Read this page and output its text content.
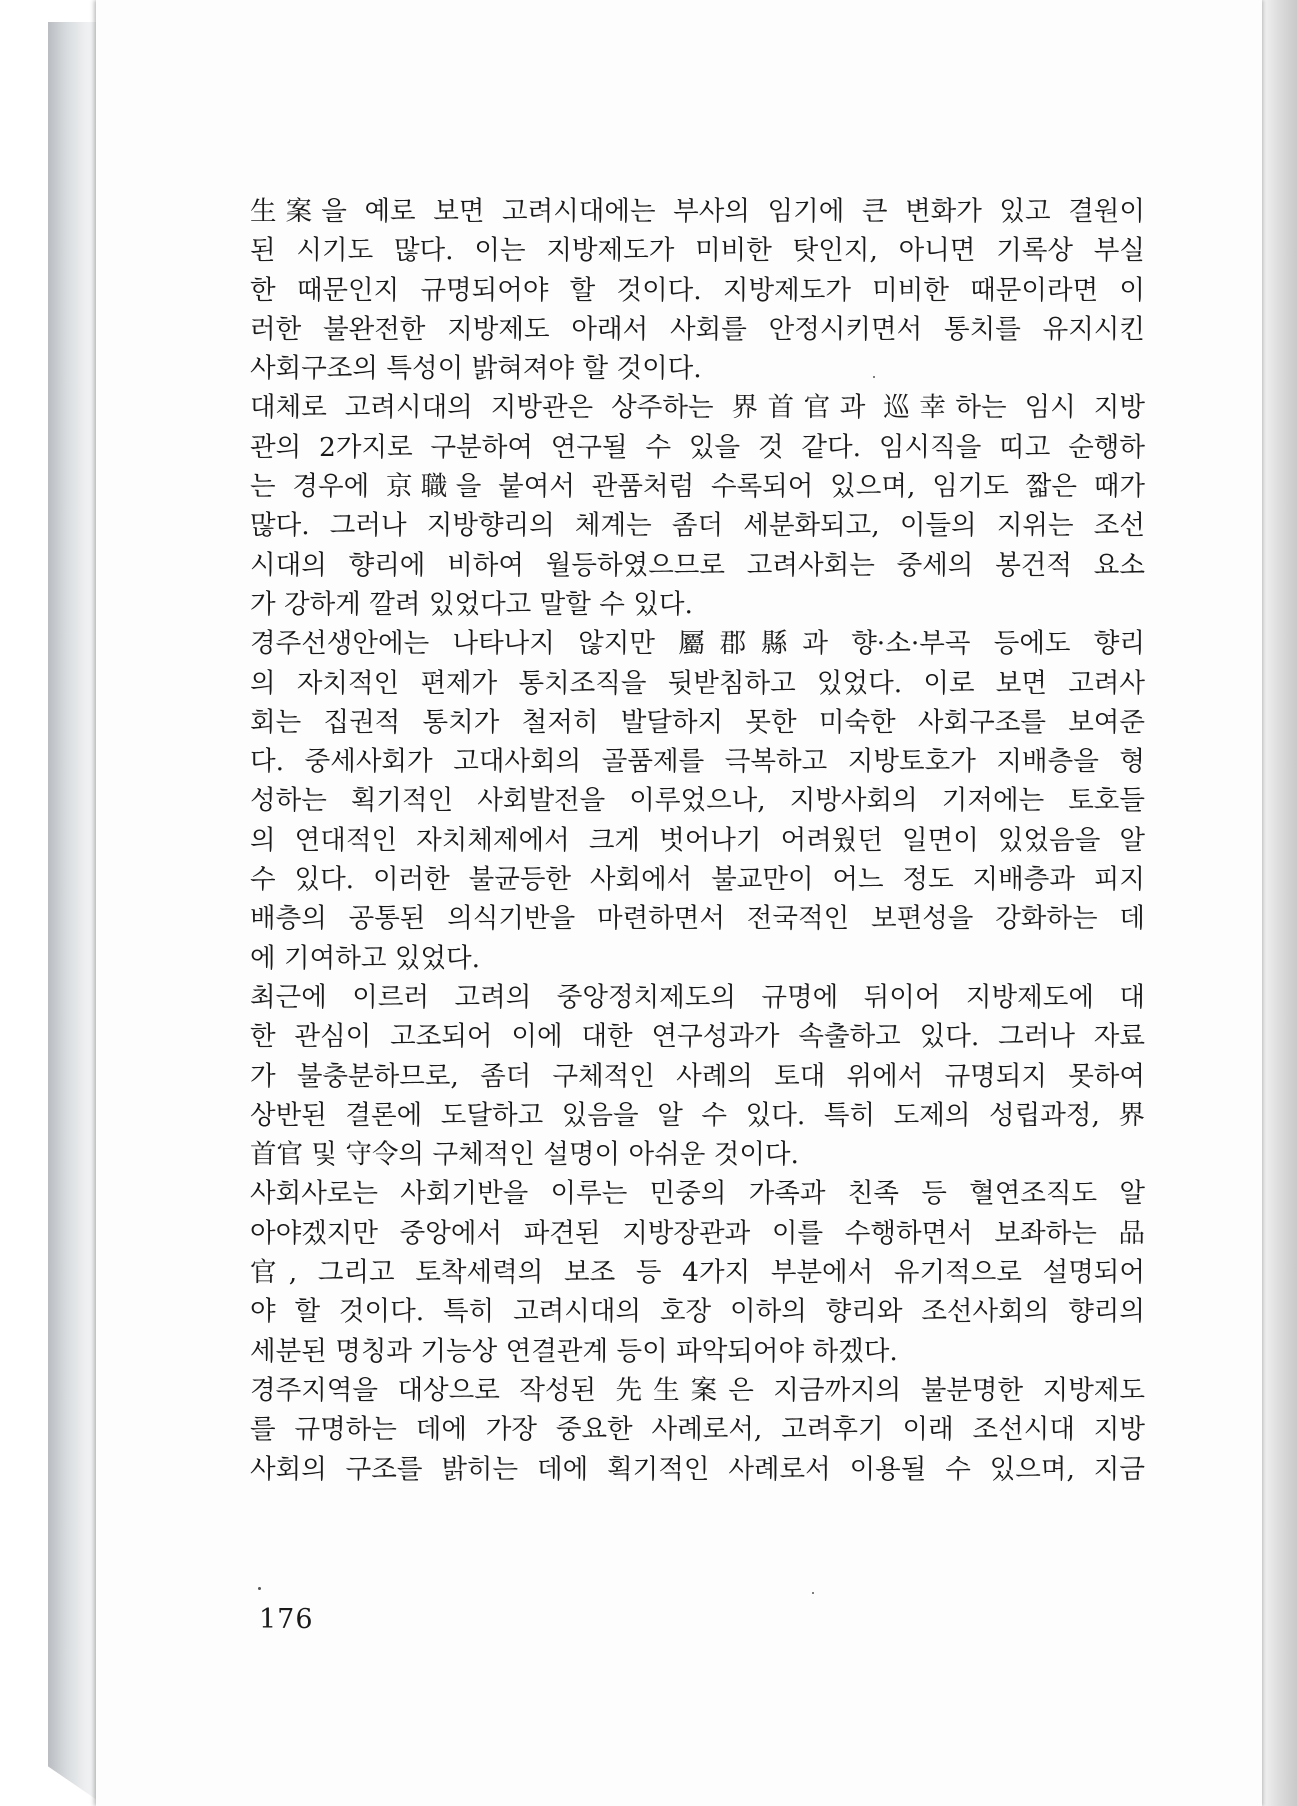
生案을 예로 보면 고려시대에는 부사의 임기에 큰 변화가 있고 결원이
된 시기도 많다. 이는 지방제도가 미비한 탓인지, 아니면 기록상 부실
한 때문인지 규명되어야 할 것이다. 지방제도가 미비한 때문이라면 이
러한 불완전한 지방제도 아래서 사회를 안정시키면서 통치를 유지시킨
사회구조의 특성이 밝혀져야 할 것이다.
대체로 고려시대의 지방관은 상주하는 界首官과 巡幸하는 임시 지방
관의 2가지로 구분하여 연구될 수 있을 것 같다. 임시직을 띠고 순행하
는 경우에 京職을 붙여서 관품처럼 수록되어 있으며, 임기도 짧은 때가
많다. 그러나 지방향리의 체계는 좀더 세분화되고, 이들의 지위는 조선
시대의 향리에 비하여 월등하였으므로 고려사회는 중세의 봉건적 요소
가 강하게 깔려 있었다고 말할 수 있다.
경주선생안에는 나타나지 않지만 屬郡縣과 향·소·부곡 등에도 향리
의 자치적인 편제가 통치조직을 뒷받침하고 있었다. 이로 보면 고려사
회는 집권적 통치가 철저히 발달하지 못한 미숙한 사회구조를 보여준
다. 중세사회가 고대사회의 골품제를 극복하고 지방토호가 지배층을 형
성하는 획기적인 사회발전을 이루었으나, 지방사회의 기저에는 토호들
의 연대적인 자치체제에서 크게 벗어나기 어려웠던 일면이 있었음을 알
수 있다. 이러한 불균등한 사회에서 불교만이 어느 정도 지배층과 피지
배층의 공통된 의식기반을 마련하면서 전국적인 보편성을 강화하는 데
에 기여하고 있었다.
최근에 이르러 고려의 중앙정치제도의 규명에 뒤이어 지방제도에 대
한 관심이 고조되어 이에 대한 연구성과가 속출하고 있다. 그러나 자료
가 불충분하므로, 좀더 구체적인 사례의 토대 위에서 규명되지 못하여
상반된 결론에 도달하고 있음을 알 수 있다. 특히 도제의 성립과정, 界
首官 및 守令의 구체적인 설명이 아쉬운 것이다.
사회사로는 사회기반을 이루는 민중의 가족과 친족 등 혈연조직도 알
아야겠지만 중앙에서 파견된 지방장관과 이를 수행하면서 보좌하는 品
官, 그리고 토착세력의 보조 등 4가지 부분에서 유기적으로 설명되어
야 할 것이다. 특히 고려시대의 호장 이하의 향리와 조선사회의 향리의
세분된 명칭과 기능상 연결관계 등이 파악되어야 하겠다.
경주지역을 대상으로 작성된 先生案은 지금까지의 불분명한 지방제도
를 규명하는 데에 가장 중요한 사례로서, 고려후기 이래 조선시대 지방
사회의 구조를 밝히는 데에 획기적인 사례로서 이용될 수 있으며, 지금
176
